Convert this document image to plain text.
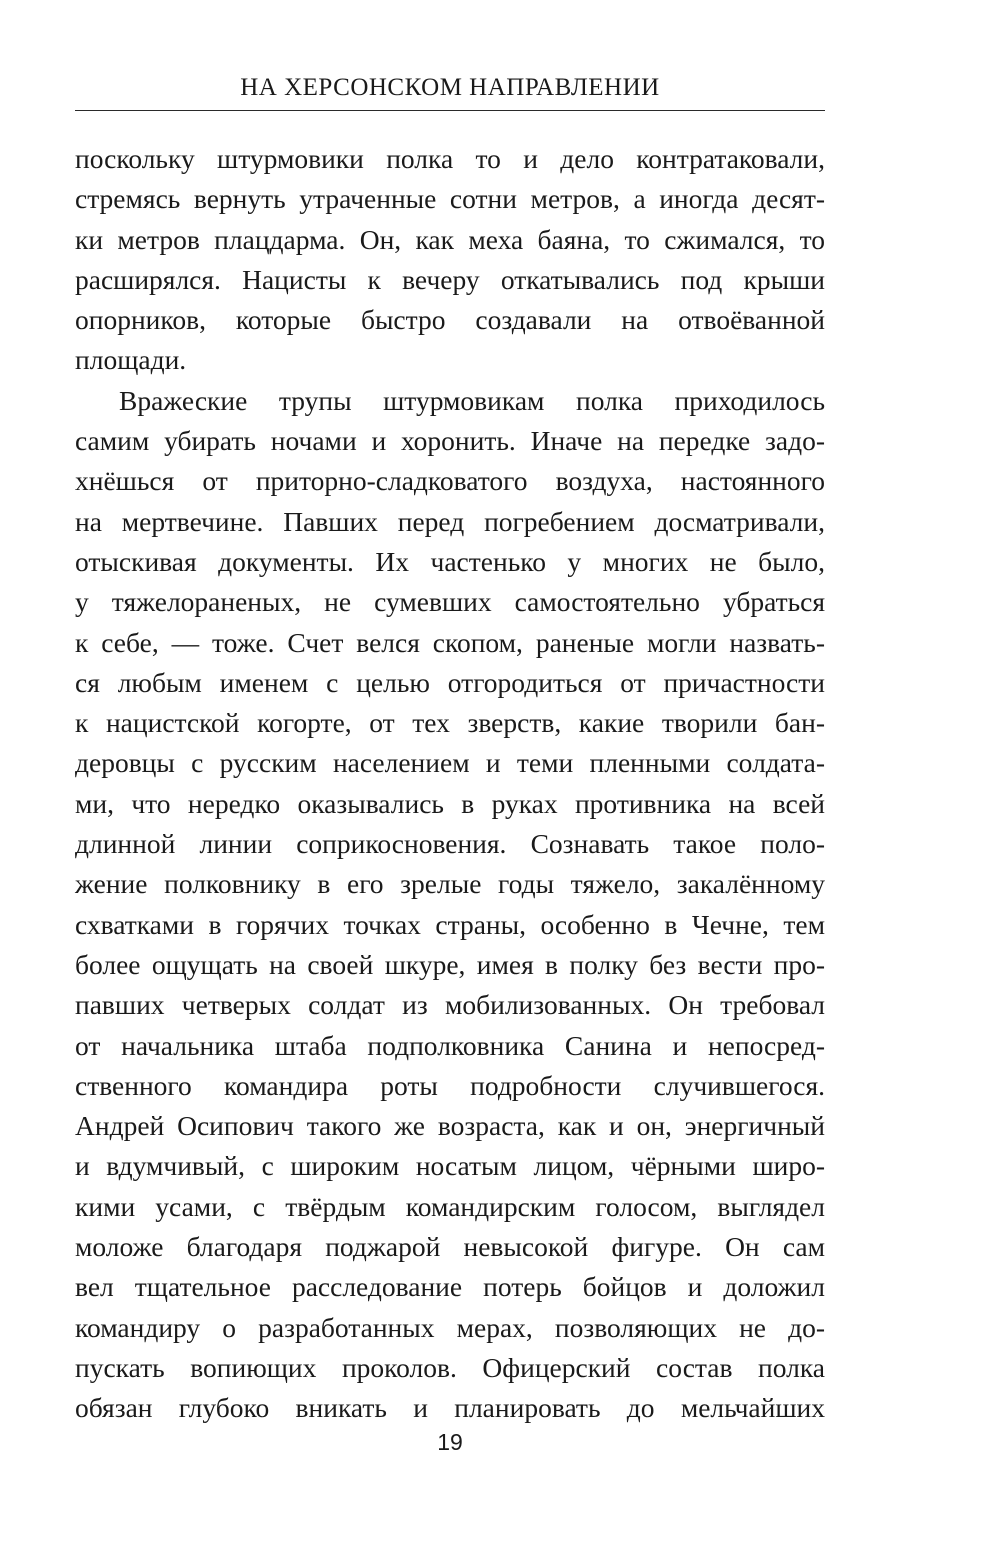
НА ХЕРСОНСКОМ НАПРАВЛЕНИИ
поскольку штурмовики полка то и дело контратаковали,
стремясь вернуть утраченные сотни метров, а иногда десят-
ки метров плацдарма. Он, как меха баяна, то сжимался, то
расширялся. Нацисты к вечеру откатывались под крыши
опорников, которые быстро создавали на отвоёванной
площади.
Вражеские трупы штурмовикам полка приходилось
самим убирать ночами и хоронить. Иначе на передке задо-
хнёшься от приторно-сладковатого воздуха, настоянного
на мертвечине. Павших перед погребением досматривали,
отыскивая документы. Их частенько у многих не было,
у тяжелораненых, не сумевших самостоятельно убраться
к себе, — тоже. Счет велся скопом, раненые могли назвать-
ся любым именем с целью отгородиться от причастности
к нацистской когорте, от тех зверств, какие творили бан-
деровцы с русским населением и теми пленными солдата-
ми, что нередко оказывались в руках противника на всей
длинной линии соприкосновения. Сознавать такое поло-
жение полковнику в его зрелые годы тяжело, закалённому
схватками в горячих точках страны, особенно в Чечне, тем
более ощущать на своей шкуре, имея в полку без вести про-
павших четверых солдат из мобилизованных. Он требовал
от начальника штаба подполковника Санина и непосред-
ственного командира роты подробности случившегося.
Андрей Осипович такого же возраста, как и он, энергичный
и вдумчивый, с широким носатым лицом, чёрными широ-
кими усами, с твёрдым командирским голосом, выглядел
моложе благодаря поджарой невысокой фигуре. Он сам
вел тщательное расследование потерь бойцов и доложил
командиру о разработанных мерах, позволяющих не до-
пускать вопиющих проколов. Офицерский состав полка
обязан глубоко вникать и планировать до мельчайших
19
